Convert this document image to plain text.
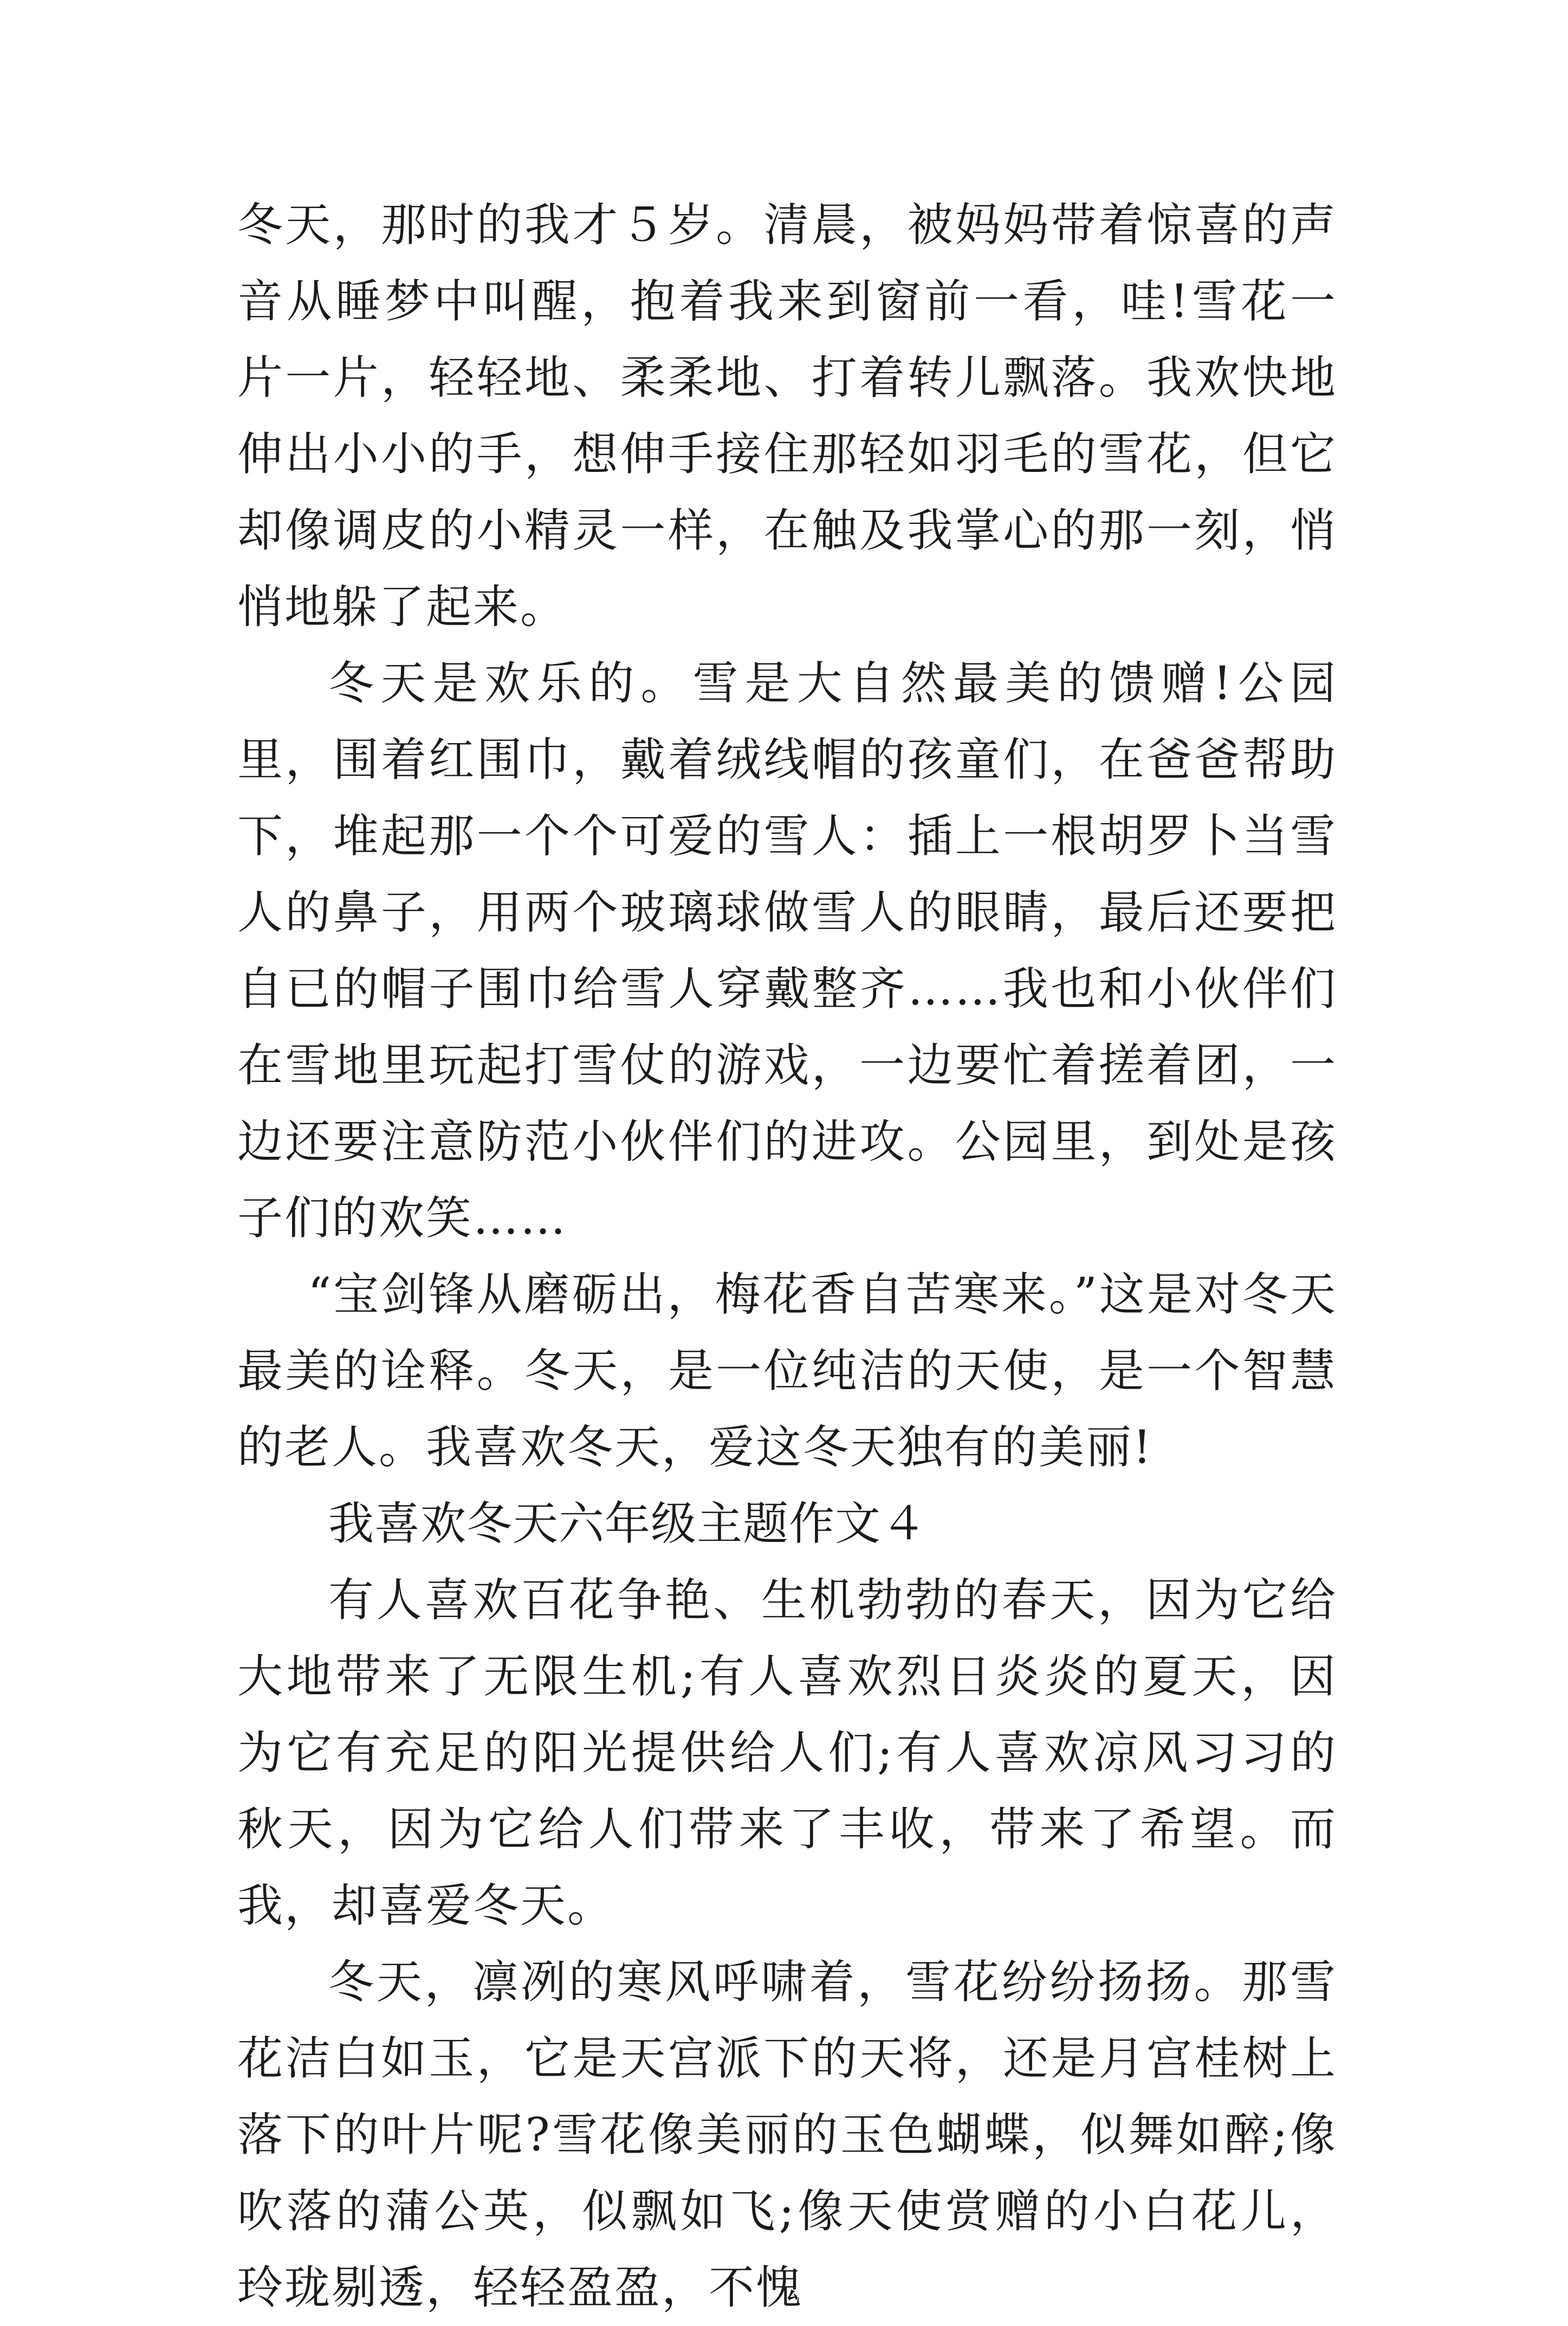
冬天，那时的我才５岁。清晨，被妈妈带着惊喜的声音从睡梦中叫醒，抱着我来到窗前一看，哇!雪花一片一片，轻轻地、柔柔地、打着转儿飘落。我欢快地伸出小小的手，想伸手接住那轻如羽毛的雪花，但它却像调皮的小精灵一样，在触及我掌心的那一刻，悄悄地躲了起来。

冬天是欢乐的。雪是大自然最美的馈赠!公园里，围着红围巾，戴着绒线帽的孩童们，在爸爸帮助下，堆起那一个个可爱的雪人：插上一根胡罗卜当雪人的鼻子，用两个玻璃球做雪人的眼睛，最后还要把自已的帽子围巾给雪人穿戴整齐……我也和小伙伴们在雪地里玩起打雪仗的游戏，一边要忙着搓着团，一边还要注意防范小伙伴们的进攻。公园里，到处是孩子们的欢笑……

“宝剑锋从磨砺出，梅花香自苦寒来。”这是对冬天最美的诠释。冬天，是一位纯洁的天使，是一个智慧的老人。我喜欢冬天，爱这冬天独有的美丽!

我喜欢冬天六年级主题作文４

有人喜欢百花争艳、生机勃勃的春天，因为它给大地带来了无限生机;有人喜欢烈日炎炎的夏天，因为它有充足的阳光提供给人们;有人喜欢凉风习习的秋天，因为它给人们带来了丰收，带来了希望。而我，却喜爱冬天。

冬天，凛冽的寒风呼啸着，雪花纷纷扬扬。那雪花洁白如玉，它是天宫派下的天将，还是月宫桂树上落下的叶片呢?雪花像美丽的玉色蝴蝶，似舞如醉;像吹落的蒲公英，似飘如飞;像天使赏赠的小白花儿，玲珑剔透，轻轻盈盈，不愧
